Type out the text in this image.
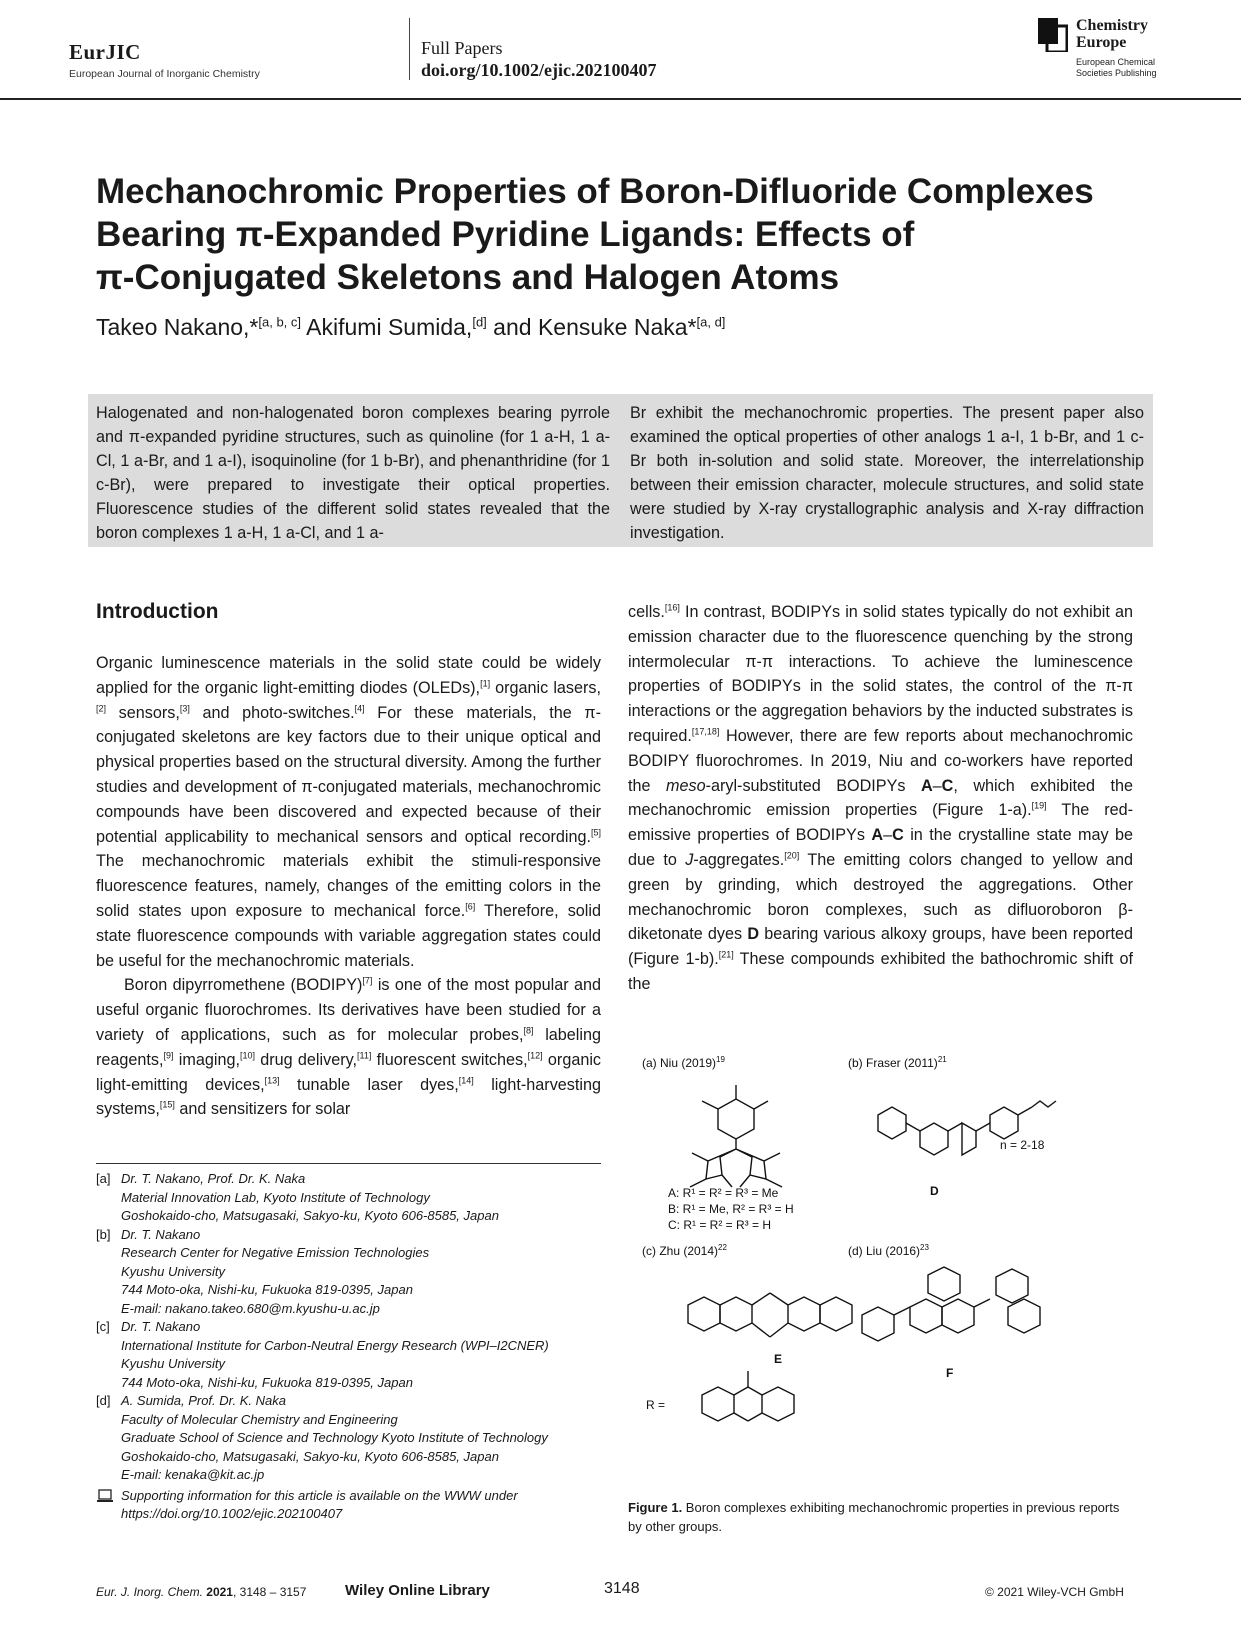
EurJIC
European Journal of Inorganic Chemistry
Full Papers
doi.org/10.1002/ejic.202100407
Chemistry
Europe
European Chemical
Societies Publishing
Mechanochromic Properties of Boron-Difluoride Complexes
Bearing π-Expanded Pyridine Ligands: Effects of
π-Conjugated Skeletons and Halogen Atoms
Takeo Nakano,*[a, b, c] Akifumi Sumida,[d] and Kensuke Naka*[a, d]
Halogenated and non-halogenated boron complexes bearing pyrrole and π-expanded pyridine structures, such as quinoline (for 1 a-H, 1 a-Cl, 1 a-Br, and 1 a-I), isoquinoline (for 1 b-Br), and phenanthridine (for 1 c-Br), were prepared to investigate their optical properties. Fluorescence studies of the different solid states revealed that the boron complexes 1 a-H, 1 a-Cl, and 1 a-
Br exhibit the mechanochromic properties. The present paper also examined the optical properties of other analogs 1 a-I, 1 b-Br, and 1 c-Br both in-solution and solid state. Moreover, the interrelationship between their emission character, molecule structures, and solid state were studied by X-ray crystallographic analysis and X-ray diffraction investigation.
Introduction

Organic luminescence materials in the solid state could be widely applied for the organic light-emitting diodes (OLEDs),[1] organic lasers,[2] sensors,[3] and photo-switches.[4] For these materials, the π-conjugated skeletons are key factors due to their unique optical and physical properties based on the structural diversity. Among the further studies and development of π-conjugated materials, mechanochromic compounds have been discovered and expected because of their potential applicability to mechanical sensors and optical recording.[5] The mechanochromic materials exhibit the stimuli-responsive fluorescence features, namely, changes of the emitting colors in the solid states upon exposure to mechanical force.[6] Therefore, solid state fluorescence compounds with variable aggregation states could be useful for the mechanochromic materials.

Boron dipyrromethene (BODIPY)[7] is one of the most popular and useful organic fluorochromes. Its derivatives have been studied for a variety of applications, such as for molecular probes,[8] labeling reagents,[9] imaging,[10] drug delivery,[11] fluorescent switches,[12] organic light-emitting devices,[13] tunable laser dyes,[14] light-harvesting systems,[15] and sensitizers for solar

cells.[16] In contrast, BODIPYs in solid states typically do not exhibit an emission character due to the fluorescence quenching by the strong intermolecular π-π interactions. To achieve the luminescence properties of BODIPYs in the solid states, the control of the π-π interactions or the aggregation behaviors by the inducted substrates is required.[17,18] However, there are few reports about mechanochromic BODIPY fluorochromes. In 2019, Niu and co-workers have reported the meso-aryl-substituted BODIPYs A–C, which exhibited the mechanochromic emission properties (Figure 1-a).[19] The red-emissive properties of BODIPYs A–C in the crystalline state may be due to J-aggregates.[20] The emitting colors changed to yellow and green by grinding, which destroyed the aggregations. Other mechanochromic boron complexes, such as difluoroboron β-diketonate dyes D bearing various alkoxy groups, have been reported (Figure 1-b).[21] These compounds exhibited the bathochromic shift of the

[a] Dr. T. Nakano, Prof. Dr. K. Naka
Material Innovation Lab, Kyoto Institute of Technology
Goshokaido-cho, Matsugasaki, Sakyo-ku, Kyoto 606-8585, Japan
[b] Dr. T. Nakano
Research Center for Negative Emission Technologies
Kyushu University
744 Moto-oka, Nishi-ku, Fukuoka 819-0395, Japan
E-mail: nakano.takeo.680@m.kyushu-u.ac.jp
[c] Dr. T. Nakano
International Institute for Carbon-Neutral Energy Research (WPI–I2CNER)
Kyushu University
744 Moto-oka, Nishi-ku, Fukuoka 819-0395, Japan
[d] A. Sumida, Prof. Dr. K. Naka
Faculty of Molecular Chemistry and Engineering
Graduate School of Science and Technology Kyoto Institute of Technology
Goshokaido-cho, Matsugasaki, Sakyo-ku, Kyoto 606-8585, Japan
E-mail: kenaka@kit.ac.jp
Supporting information for this article is available on the WWW under
https://doi.org/10.1002/ejic.202100407
(a) Niu $(2019)^{19}$	(b) Fraser $(2011)^{21}$
(c) Zhu $(2014)^{22}$	(d) Liu $(2016)^{23}$
A: R¹ = R² = R³ = Me
B: R¹ = Me, R² = R³ = H
C: R¹ = R² = R³ = H
n = 2-18
D
E
F
R =
Figure 1. Boron complexes exhibiting mechanochromic properties in previous reports by other groups.
Eur. J. Inorg. Chem. 2021, 3148 – 3157	Wiley Online Library	3148	© 2021 Wiley-VCH GmbH
